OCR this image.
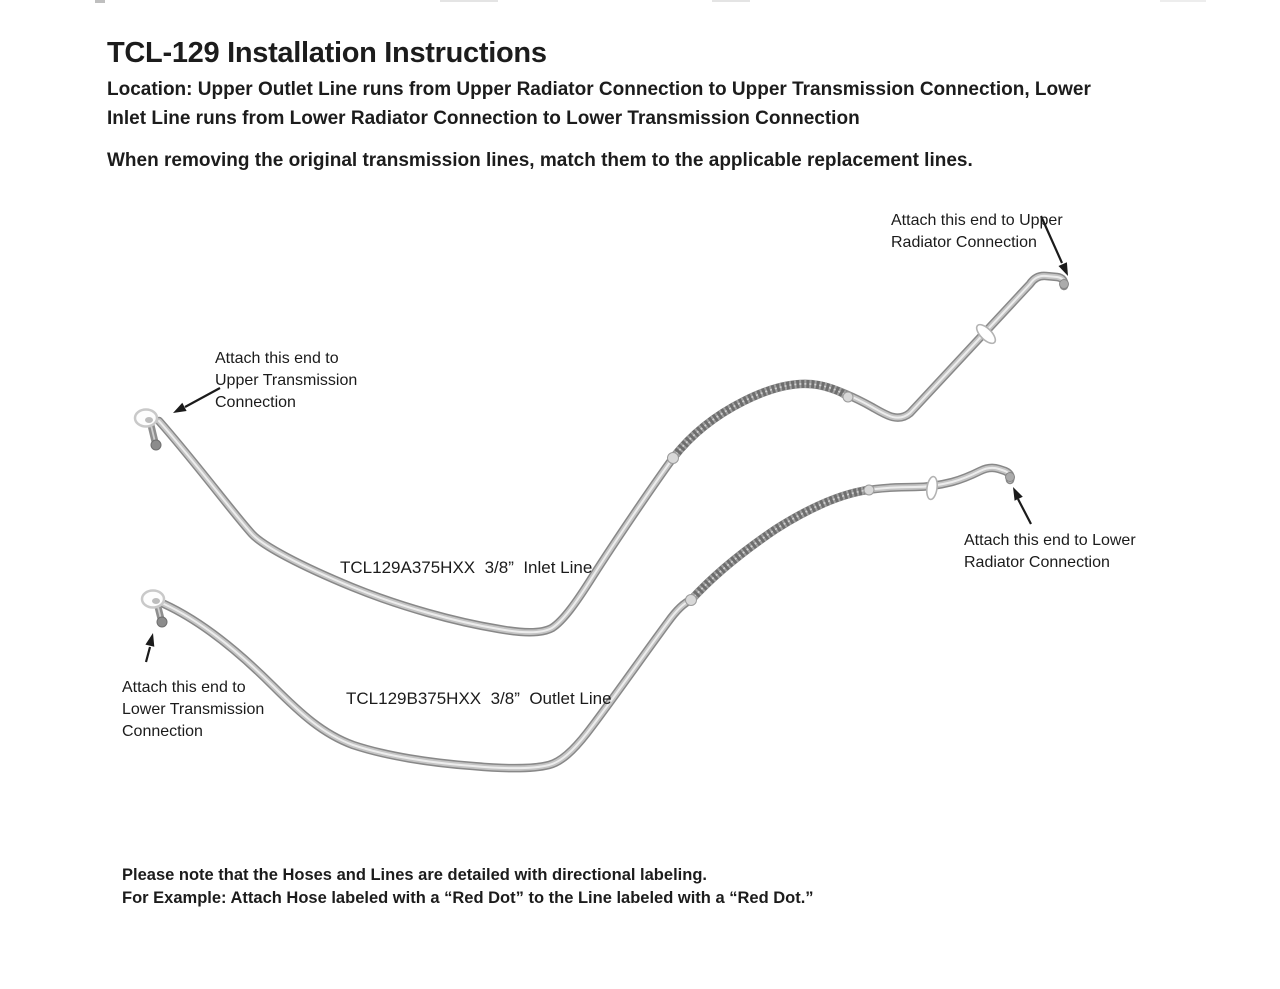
TCL-129 Installation Instructions

Location: Upper Outlet Line runs from Upper Radiator Connection to Upper Transmission Connection, Lower
Inlet Line runs from Lower Radiator Connection to Lower Transmission Connection

When removing the original transmission lines, match them to the applicable replacement lines.

Attach this end to Upper
Radiator Connection
Attach this end to
Upper Transmission
Connection
Attach this end to Lower
Radiator Connection
Attach this end to
Lower Transmission
Connection
TCL129A375HXX  3/8”  Inlet Line
TCL129B375HXX  3/8”  Outlet Line

Please note that the Hoses and Lines are detailed with directional labeling.
For Example: Attach Hose labeled with a “Red Dot” to the Line labeled with a “Red Dot.”
